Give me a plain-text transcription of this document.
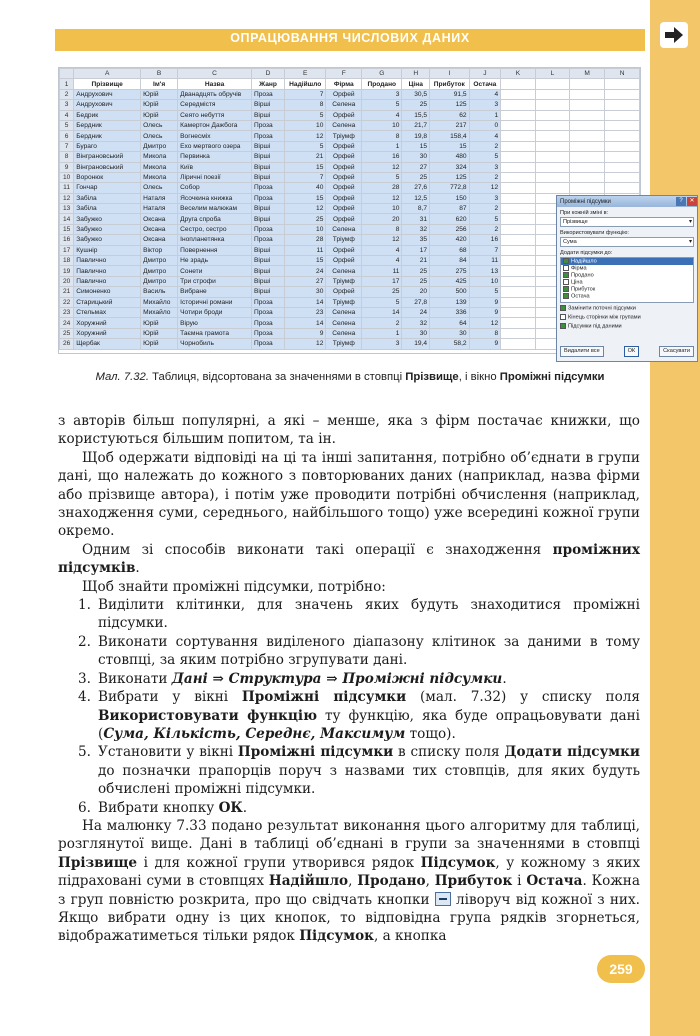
ОПРАЦЮВАННЯ ЧИСЛОВИХ ДАНИХ
	A	B	C	D	E	F	G	H	I	J	K	L	M	N
1	Прізвище	Ім'я	Назва	Жанр	Надійшло	Фірма	Продано	Ціна	Прибуток	Остача				
2	Андрухович	Юрій	Дванадцять обручів	Проза	7	Орфей	3	30,5	91,5	4				
3	Андрухович	Юрій	Середмістя	Вірші	8	Селена	5	25	125	3				
4	Бедрик	Юрій	Сеято небуття	Вірші	5	Орфей	4	15,5	62	1				
5	Бердник	Олесь	Камертон Дажбога	Проза	10	Селена	10	21,7	217	0				
6	Бердник	Олесь	Вогнесміх	Проза	12	Тріумф	8	19,8	158,4	4				
7	Бураго	Дмитро	Ехо мертвого озера	Вірші	5	Орфей	1	15	15	2				
8	Вінграновський	Микола	Первинка	Вірші	21	Орфей	16	30	480	5				
9	Вінграновський	Микола	Київ	Вірші	15	Орфей	12	27	324	3				
10	Воронюк	Микола	Ліричні поезії	Вірші	7	Орфей	5	25	125	2				
11	Гончар	Олесь	Собор	Проза	40	Орфей	28	27,6	772,8	12				
12	Забіла	Наталя	Ясочкина книжка	Проза	15	Орфей	12	12,5	150	3				
13	Забіла	Наталя	Веселим малюкам	Вірші	12	Орфей	10	8,7	87	2				
14	Забужко	Оксана	Друга спроба	Вірші	25	Орфей	20	31	620	5				
15	Забужко	Оксана	Сестро, сестро	Проза	10	Селена	8	32	256	2				
16	Забужко	Оксана	Інопланетянка	Проза	28	Тріумф	12	35	420	16				
17	Кушнір	Віктор	Повернення	Вірші	11	Орфей	4	17	68	7				
18	Павлично	Дмитро	Не зрадь	Вірші	15	Орфей	4	21	84	11				
19	Павлично	Дмитро	Сонети	Вірші	24	Селена	11	25	275	13				
20	Павлично	Дмитро	Три строфи	Вірші	27	Тріумф	17	25	425	10				
21	Симоненко	Василь	Вибране	Вірші	30	Орфей	25	20	500	5				
22	Старицький	Михайло	Історичні романи	Проза	14	Тріумф	5	27,8	139	9				
23	Стельмах	Михайло	Чотири броди	Проза	23	Селена	14	24	336	9				
24	Хоружний	Юрій	Вірую	Проза	14	Селена	2	32	64	12				
25	Хоружний	Юрій	Таємна грамота	Проза	9	Селена	1	30	30	8				
26	Щербак	Юрій	Чорнобиль	Проза	12	Тріумф	3	19,4	58,2	9				
Проміжні підсумки	?	✕
При кожній зміні в:
Прізвище ▾
Використовувати функцію:
Сума ▾
Додати підсумки до:
Надійшло
Фірма
Продано
Ціна
Прибуток
Остача
Замінити поточні підсумки
Кінець сторінки між групами
Підсумки під даними
Видалити все	ОК	Скасувати
Мал. 7.32. Таблиця, відсортована за значеннями в стовпці Прізвище, і вікно Проміжні підсумки

з авторів більш популярні, а які – менше, яка з фірм постачає книжки, що користуються більшим попитом, та ін.

Щоб одержати відповіді на ці та інші запитання, потрібно об’єднати в групи дані, що належать до кожного з повторюваних даних (наприклад, назва фірми або прізвище автора), і потім уже проводити потрібні обчислення (наприклад, знаходження суми, середнього, найбільшого тощо) уже всередині кожної групи окремо.

Одним зі способів виконати такі операції є знаходження проміжних підсумків.

Щоб знайти проміжні підсумки, потрібно:

1. Виділити клітинки, для значень яких будуть знаходитися проміжні підсумки.
2. Виконати сортування виділеного діапазону клітинок за даними в тому стовпці, за яким потрібно згрупувати дані.
3. Виконати Дані ⇒ Структура ⇒ Проміжні підсумки.
4. Вибрати у вікні Проміжні підсумки (мал. 7.32) у списку поля Використовувати функцію ту функцію, яка буде опрацьовувати дані (Сума, Кількість, Середнє, Максимум тощо).
5. Установити у вікні Проміжні підсумки в списку поля Додати підсумки до позначки прапорців поруч з назвами тих стовпців, для яких будуть обчислені проміжні підсумки.
6. Вибрати кнопку ОК.

На малюнку 7.33 подано результат виконання цього алгоритму для таблиці, розглянутої вище. Дані в таблиці об’єднані в групи за значеннями в стовпці Прізвище і для кожної групи утворився рядок Підсумок, у кожному з яких підраховані суми в стовпцях Надійшло, Продано, Прибуток і Остача. Кожна з груп повністю розкрита, про що свідчать кнопки  ліворуч від кожної з них. Якщо вибрати одну із цих кнопок, то відповідна група рядків згорнеться, відображатиметься тільки рядок Підсумок, а кнопка

259
